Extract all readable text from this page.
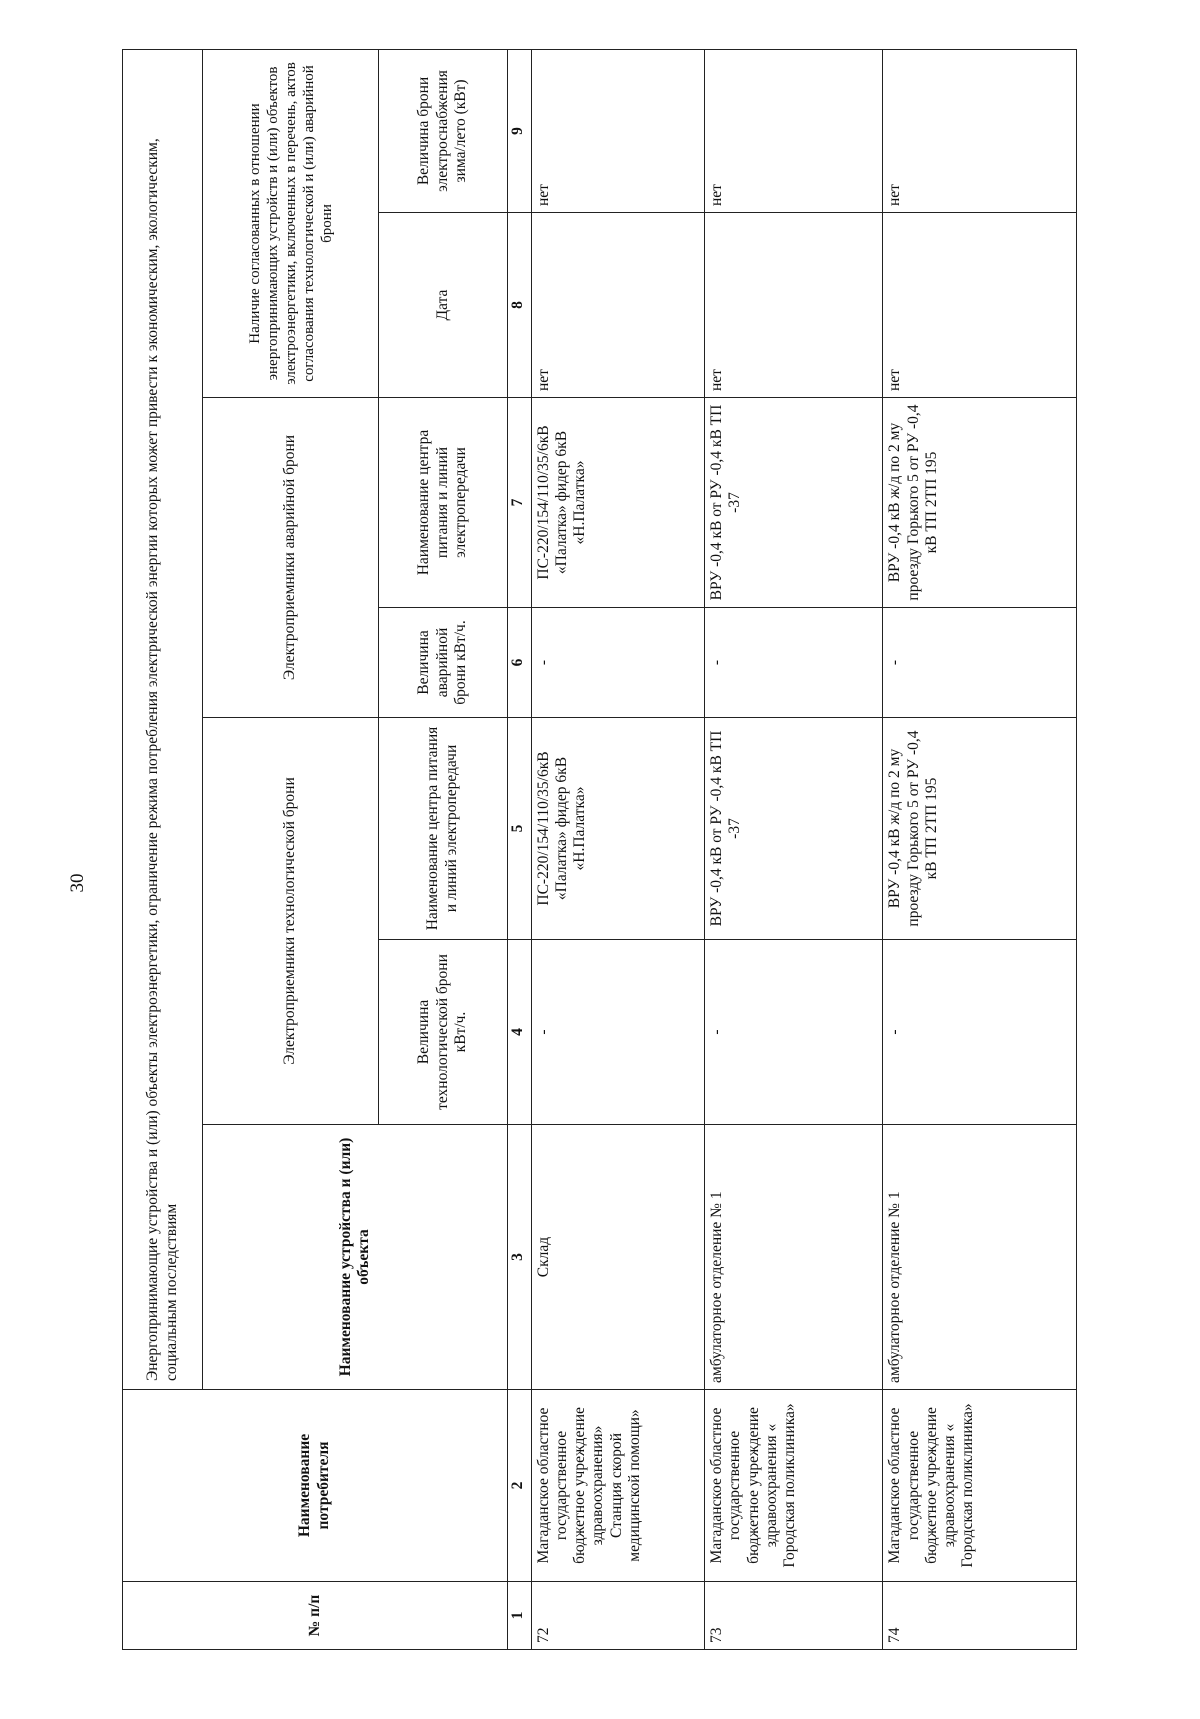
30
№ п/п	Наименование потребителя	Энергопринимающие устройства и (или) объекты электроэнергетики, ограничение режима потребления электрической энергии которых может привести к экономическим, экологическим, социальным последствиям						
		Наименование устройства и (или) объекта	Электроприемники технологической брони		Электроприемники аварийной брони		Наличие согласованных в отношении энергопринимающих устройств и (или) объектов электроэнергетики, включенных в перечень, актов согласования технологической и (или) аварийной брони	
			Величина технологической брони кВт/ч.	Наименование центра питания и линий электропередачи	Величина аварийной брони кВт/ч.	Наименование центра питания и линий электропередачи	Дата	Величина брони электроснабжения зима/лето (кВт)
1	2	3	4	5	6	7	8	9
72	Магаданское областное государственное бюджетное учреждение здравоохранения» Станция скорой медицинской помощи»	Склад	-	ПС-220/154/110/35/6кВ «Палатка» фидер 6кВ «Н.Палатка»	-	ПС-220/154/110/35/6кВ «Палатка» фидер 6кВ «Н.Палатка»	нет	нет
73	Магаданское областное государственное бюджетное учреждение здравоохранения « Городская поликлиника»	амбулаторное отделение № 1	-	ВРУ -0,4 кВ от РУ -0,4 кВ ТП -37	-	ВРУ -0,4 кВ от РУ -0,4 кВ ТП -37	нет	нет
74	Магаданское областное государственное бюджетное учреждение здравоохранения « Городская поликлиника»	амбулаторное отделение № 1	-	ВРУ -0,4 кВ ж/д по 2 му проезду Горького 5 от РУ -0,4 кВ ТП 2ТП 195	-	ВРУ -0,4 кВ ж/д по 2 му проезду Горького 5 от РУ -0,4 кВ ТП 2ТП 195	нет	нет
